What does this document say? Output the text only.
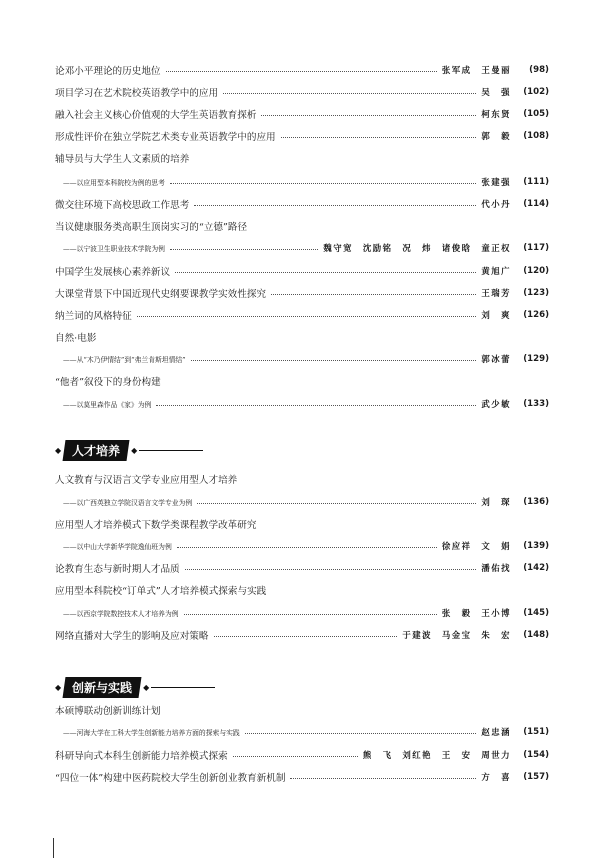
论邓小平理论的历史地位	张军成　王曼丽	(98)
项目学习在艺术院校英语教学中的应用	吴　强	(102)
融入社会主义核心价值观的大学生英语教育探析	柯东贤	(105)
形成性评价在独立学院艺术类专业英语教学中的应用	郭　毅	(108)
辅导员与大学生人文素质的培养
——以应用型本科院校为例的思考	张建强	(111)
微交往环境下高校思政工作思考	代小丹	(114)
当议健康服务类高职生顶岗实习的“立德”路径
——以宁波卫生职业技术学院为例	魏守宽　沈励铭　况　炜　诸俊晗　童正权	(117)
中国学生发展核心素养新议	黄旭广	(120)
大课堂背景下中国近现代史纲要课教学实效性探究	王瑞芳	(123)
纳兰词的风格特征	刘　爽	(126)
自然·电影
——从“木乃伊情结”到“弗兰肯斯坦情结”	郭冰蕾	(129)
“他者”叙役下的身份构建
——以莫里森作品《家》为例	武少敏	(133)
◆ 人才培养	◆
人文教育与汉语言文学专业应用型人才培养
——以广西英独立学院汉语言文学专业为例	刘　琛	(136)
应用型人才培养模式下数学类课程教学改革研究
——以中山大学新华学院逸仙班为例	徐应祥　文　娟	(139)
论教育生态与新时期人才品质	潘佑找	(142)
应用型本科院校“订单式”人才培养模式探索与实践
——以西京学院数控技术人才培养为例	张　毅　王小博	(145)
网络直播对大学生的影响及应对策略	于建波　马金宝　朱　宏	(148)
◆ 创新与实践	◆
本硕博联动创新训练计划
——河海大学在工科大学生创新能力培养方面的探索与实践	赵忠涵	(151)
科研导向式本科生创新能力培养模式探索	熊　飞　刘红艳　王　安　周世力	(154)
“四位一体”构建中医药院校大学生创新创业教育新机制	方　喜	(157)
